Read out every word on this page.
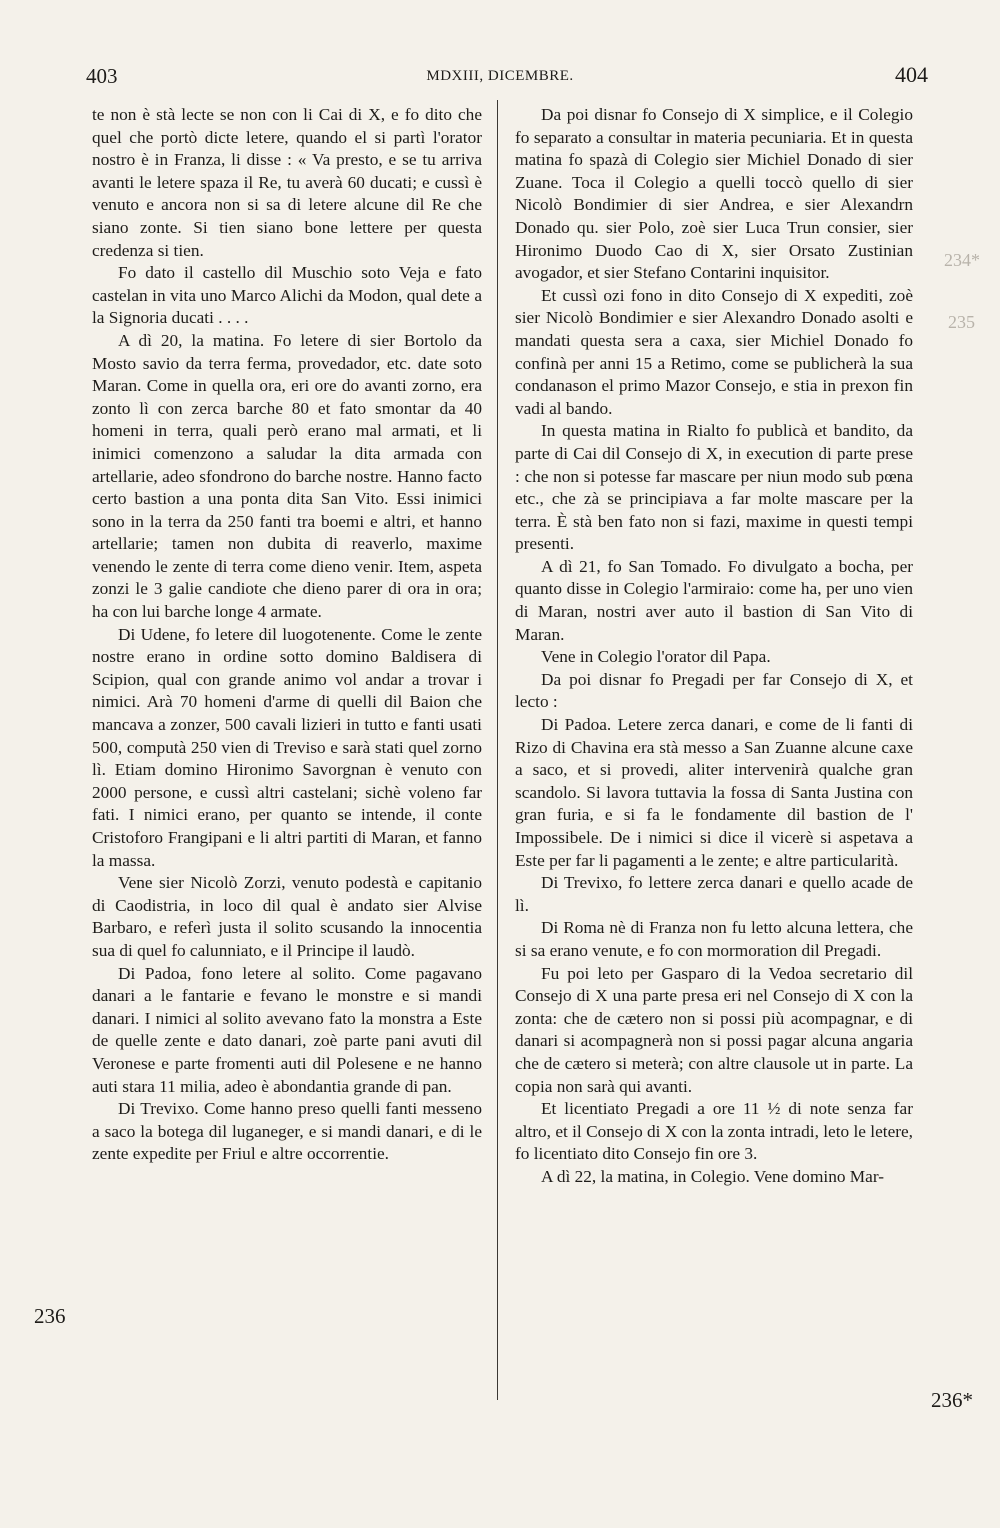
403	MDXIII, DICEMBRE.	404
234*
235

te non è stà lecte se non con li Cai di X, e fo dito che quel che portò dicte letere, quando el si partì l'orator nostro è in Franza, li disse : « Va presto, e se tu arriva avanti le letere spaza il Re, tu averà 60 ducati; e cussì è venuto e ancora non si sa di letere alcune dil Re che siano zonte. Si tien siano bone lettere per questa credenza si tien.

Fo dato il castello dil Muschio soto Veja e fato castelan in vita uno Marco Alichi da Modon, qual dete a la Signoria ducati . . . .

A dì 20, la matina. Fo letere di sier Bortolo da Mosto savio da terra ferma, provedador, etc. date soto Maran. Come in quella ora, eri ore do avanti zorno, era zonto lì con zerca barche 80 et fato smontar da 40 homeni in terra, quali però erano mal armati, et li inimici comenzono a saludar la dita armada con artellarie, adeo sfondrono do barche nostre. Hanno facto certo bastion a una ponta dita San Vito. Essi inimici sono in la terra da 250 fanti tra boemi e altri, et hanno artellarie; tamen non dubita di reaverlo, maxime venendo le zente di terra come dieno venir. Item, aspeta zonzi le 3 galie candiote che dieno parer di ora in ora; ha con lui barche longe 4 armate.

Di Udene, fo letere dil luogotenente. Come le zente nostre erano in ordine sotto domino Baldisera di Scipion, qual con grande animo vol andar a trovar i nimici. Arà 70 homeni d'arme di quelli dil Baion che mancava a zonzer, 500 cavali lizieri in tutto e fanti usati 500, computà 250 vien di Treviso e sarà stati quel zorno lì. Etiam domino Hironimo Savorgnan è venuto con 2000 persone, e cussì altri castelani; sichè voleno far fati. I nimici erano, per quanto se intende, il conte Cristoforo Frangipani e li altri partiti di Maran, et fanno la massa.

Vene sier Nicolò Zorzi, venuto podestà e capitanio di Caodistria, in loco dil qual è andato sier Alvise Barbaro, e referì justa il solito scusando la innocentia sua di quel fo calunniato, e il Principe il laudò.

Di Padoa, fono letere al solito. Come pagavano danari a le fantarie e fevano le monstre e si mandi danari. I nimici al solito avevano fato la monstra a Este de quelle zente e dato danari, zoè parte pani avuti dil Veronese e parte fromenti auti dil Polesene e ne hanno auti stara 11 milia, adeo è abondantia grande di pan.

Di Trevixo. Come hanno preso quelli fanti messeno a saco la botega dil luganeger, e si mandi danari, e di le zente expedite per Friul e altre occorrentie.

Da poi disnar fo Consejo di X simplice, e il Colegio fo separato a consultar in materia pecuniaria. Et in questa matina fo spazà di Colegio sier Michiel Donado di sier Zuane. Toca il Colegio a quelli toccò quello di sier Nicolò Bondimier di sier Andrea, e sier Alexandrn Donado qu. sier Polo, zoè sier Luca Trun consier, sier Hironimo Duodo Cao di X, sier Orsato Zustinian avogador, et sier Stefano Contarini inquisitor.

Et cussì ozi fono in dito Consejo di X expediti, zoè sier Nicolò Bondimier e sier Alexandro Donado asolti e mandati questa sera a caxa, sier Michiel Donado fo confinà per anni 15 a Retimo, come se publicherà la sua condanason el primo Mazor Consejo, e stia in prexon fin vadi al bando.

In questa matina in Rialto fo publicà et bandito, da parte di Cai dil Consejo di X, in execution di parte prese : che non si potesse far mascare per niun modo sub pœna etc., che zà se principiava a far molte mascare per la terra. È stà ben fato non si fazi, maxime in questi tempi presenti.

A dì 21, fo San Tomado. Fo divulgato a bocha, per quanto disse in Colegio l'armiraio: come ha, per uno vien di Maran, nostri aver auto il bastion di San Vito di Maran.

Vene in Colegio l'orator dil Papa.

Da poi disnar fo Pregadi per far Consejo di X, et lecto :

Di Padoa. Letere zerca danari, e come de li fanti di Rizo di Chavina era stà messo a San Zuanne alcune caxe a saco, et si provedi, aliter intervenirà qualche gran scandolo. Si lavora tuttavia la fossa di Santa Justina con gran furia, e si fa le fondamente dil bastion de l' Impossibele. De i nimici si dice il vicerè si aspetava a Este per far li pagamenti a le zente; e altre particularità.

Di Trevixo, fo lettere zerca danari e quello acade de lì.

Di Roma nè di Franza non fu letto alcuna lettera, che si sa erano venute, e fo con mormoration dil Pregadi.

Fu poi leto per Gasparo di la Vedoa secretario dil Consejo di X una parte presa eri nel Consejo di X con la zonta: che de cætero non si possi più acompagnar, e di danari si acompagnerà non si possi pagar alcuna angaria che de cætero si meterà; con altre clausole ut in parte. La copia non sarà qui avanti.

Et licentiato Pregadi a ore 11 ½ di note senza far altro, et il Consejo di X con la zonta intradi, leto le letere, fo licentiato dito Consejo fin ore 3.

A dì 22, la matina, in Colegio. Vene domino Mar-

236
236*
